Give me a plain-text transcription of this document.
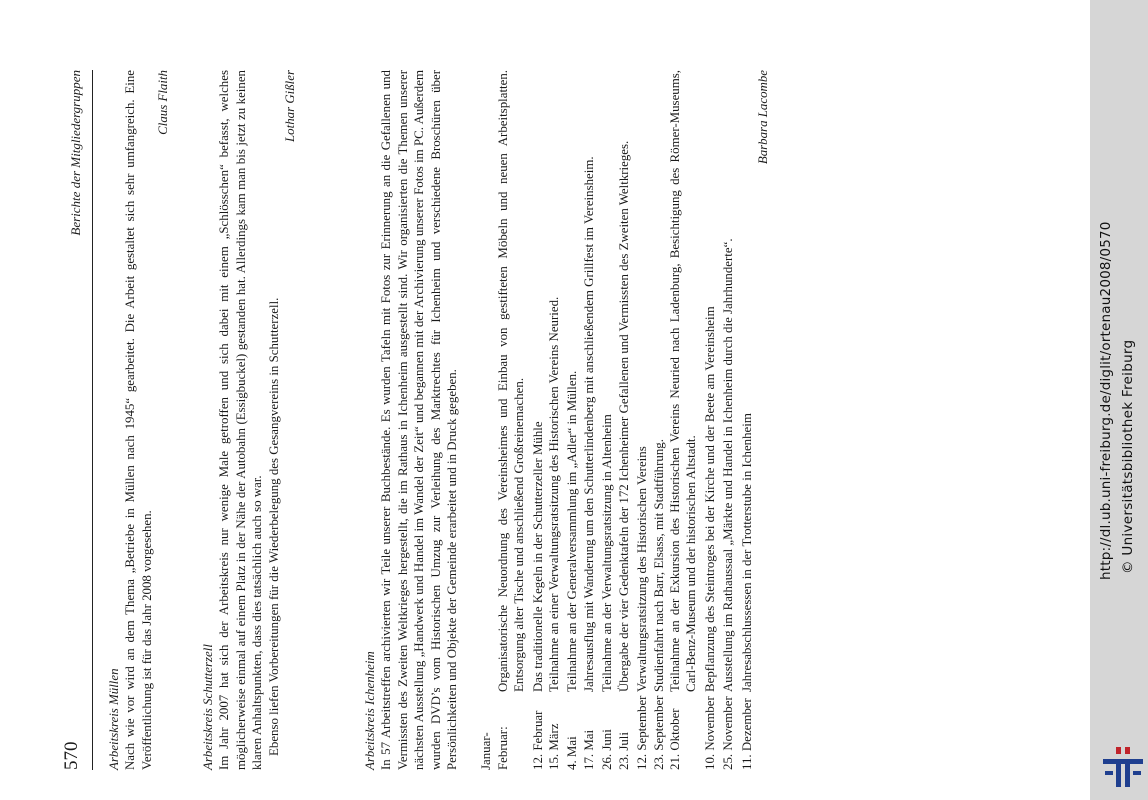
570
Berichte der Mitgliedergruppen

Arbeitskreis Müllen Nach wie vor wird an dem Thema „Betriebe in Müllen nach 1945“ gearbeitet. Die Arbeit gestaltet sich sehr umfangreich. Eine Veröffentlichung ist für das Jahr 2008 vorgesehen.

Claus Flaith

Arbeitskreis Schutterzell Im Jahr 2007 hat sich der Arbeitskreis nur wenige Male getroffen und sich dabei mit einem „Schlösschen“ befasst, welches möglicherweise einmal auf einem Platz in der Nähe der Autobahn (Essigbuckel) gestanden hat. Allerdings kam man bis jetzt zu keinen klaren Anhaltspunkten, dass dies tatsächlich auch so war. Ebenso liefen Vorbereitungen für die Wiederbelegung des Gesangvereins in Schutterzell.

Lothar Gißler

Arbeitskreis Ichenheim In 57 Arbeitstreffen archivierten wir Teile unserer Buchbestände. Es wurden Tafeln mit Fotos zur Erinnerung an die Gefallenen und Vermissten des Zweiten Weltkrieges hergestellt, die im Rathaus in Ichenheim ausgestellt sind. Wir organisierten die Themen unserer nächsten Ausstellung „Handwerk und Handel im Wandel der Zeit“ und begannen mit der Archivierung unserer Fotos im PC. Außerdem wurden DVD’s vom Historischen Umzug zur Verleihung des Marktrechtes für Ichenheim und verschiedene Broschüren über Persönlichkeiten und Objekte der Gemeinde erarbeitet und in Druck gegeben. Januar-	
Februar:	Organisatorische Neuordnung des Vereinsheimes und Einbau von gestifteten Möbeln und neuen Arbeitsplatten. Entsorgung alter Tische und anschließend Großreinemachen.
12. Februar	Das traditionelle Kegeln in der Schutterzeller Mühle
15. März	Teilnahme an einer Verwaltungsratsitzung des Historischen Vereins Neuried.
4. Mai	Teilnahme an der Generalversammlung im „Adler“ in Müllen.
17. Mai	Jahresausflug mit Wanderung um den Schutterlindenberg mit anschließendem Grillfest im Vereinsheim.
26. Juni	Teilnahme an der Verwaltungsratsitzung in Altenheim
23. Juli	Übergabe der vier Gedenktafeln der 172 Ichenheimer Gefallenen und Vermissten des Zweiten Weltkrieges.
12. September	Verwaltungsratsitzung des Historischen Vereins
23. September	Studienfahrt nach Barr, Elsass, mit Stadtführung.
21. Oktober	Teilnahme an der Exkursion des Historischen Vereins Neuried nach Ladenburg, Besichtigung des Römer-Museums, Carl-Benz-Museum und der historischen Altstadt.
10. November	Bepflanzung des Steintroges bei der Kirche und der Beete am Vereinsheim
25. November	Ausstellung im Rathaussaal „Märkte und Handel in Ichenheim durch die Jahrhunderte“.
11. Dezember	Jahresabschlussessen in der Trotterstube in Ichenheim

Barbara Lacombe

http://dl.ub.uni-freiburg.de/diglit/ortenau2008/0570 © Universitätsbibliothek Freiburg
